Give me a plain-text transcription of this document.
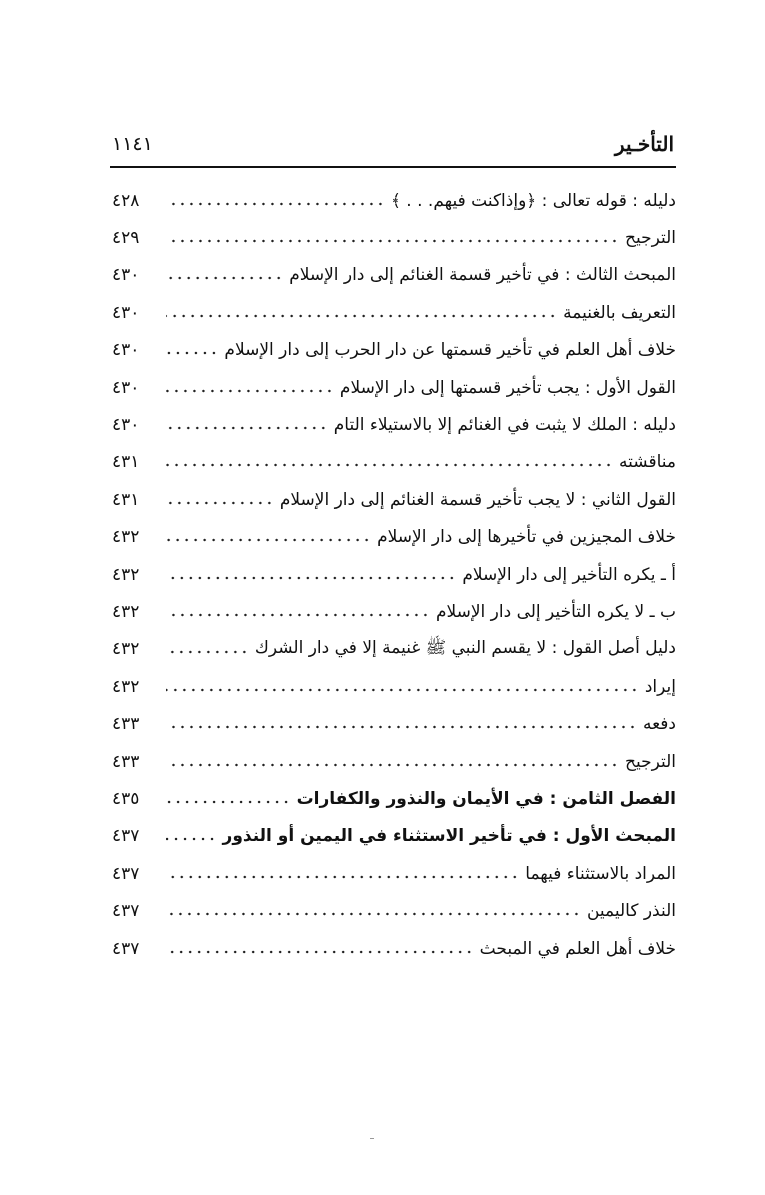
التأخـير
١١٤١
دليله : قوله تعالى : ﴿وإذاكنت فيهم. . . ﴾
٤٢٨
الترجيح
٤٢٩
المبحث الثالث : في تأخير قسمة الغنائم إلى دار الإسلام
٤٣٠
التعريف بالغنيمة
٤٣٠
خلاف أهل العلم في تأخير قسمتها عن دار الحرب إلى دار الإسلام
٤٣٠
القول الأول : يجب تأخير قسمتها إلى دار الإسلام
٤٣٠
دليله : الملك لا يثبت في الغنائم إلا بالاستيلاء التام
٤٣٠
مناقشته
٤٣١
القول الثاني : لا يجب تأخير قسمة الغنائم إلى دار الإسلام
٤٣١
خلاف المجيزين في تأخيرها إلى دار الإسلام
٤٣٢
أ ـ يكره التأخير إلى دار الإسلام
٤٣٢
ب ـ لا يكره التأخير إلى دار الإسلام
٤٣٢
دليل أصل القول : لا يقسم النبي ﷺ غنيمة إلا في دار الشرك
٤٣٢
إيراد
٤٣٢
دفعه
٤٣٣
الترجيح
٤٣٣
الفصل الثامن : في الأيمان والنذور والكفارات
٤٣٥
المبحث الأول : في تأخير الاستثناء في اليمين أو النذور
٤٣٧
المراد بالاستثناء فيهما
٤٣٧
النذر كاليمين
٤٣٧
خلاف أهل العلم في المبحث
٤٣٧
